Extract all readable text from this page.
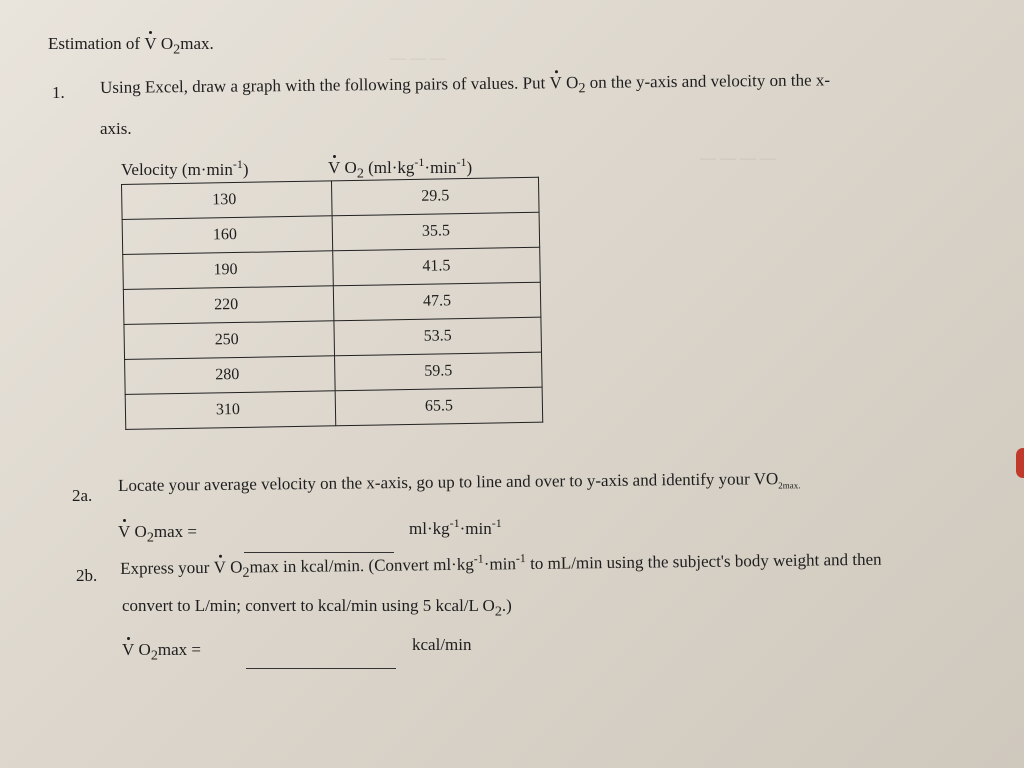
— — —
— — — —
Estimation of V $O_2\max$.
1. Using Excel, draw a graph with the following pairs of values. Put V $O_2$ on the y-axis and velocity on the x-
axis.
Velocity $(m\cdot\min^{-1})$	V $O_2$ $(ml\cdot kg^{-1}\cdot\min^{-1})$
130	29.5
160	35.5
190	41.5
220	47.5
250	53.5
280	59.5
310	65.5
2a.
Locate your average velocity on the x-axis, go up to line and over to y-axis and identify your $VO_{2max.}$
V $O_2\max$ =	$ml\cdot kg^{-1}\cdot\min^{-1}$
2b. Express your V $O_2\max$ in kcal/min. (Convert $ml\cdot kg^{-1}\cdot\min^{-1}$ to mL/min using the subject's body weight and then
convert to L/min; convert to kcal/min using 5 kcal/L $O_2$.)
V $O_2\max$ =	kcal/min
